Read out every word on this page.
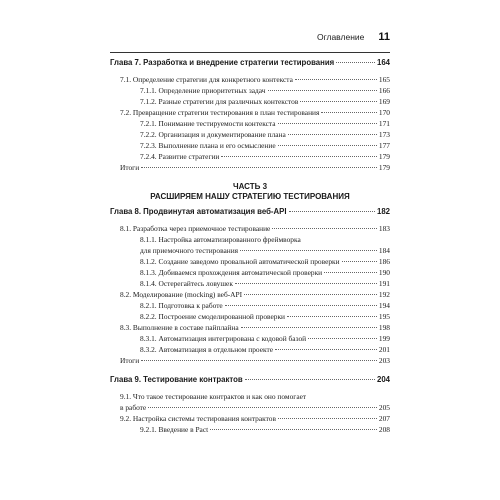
Оглавление 11
Глава 7. Разработка и внедрение стратегии тестирования	164
7.1. Определение стратегии для конкретного контекста	165
7.1.1. Определение приоритетных задач	166
7.1.2. Разные стратегии для различных контекстов	169
7.2. Превращение стратегии тестирования в план тестирования	170
7.2.1. Понимание тестируемости контекста	171
7.2.2. Организация и документирование плана	173
7.2.3. Выполнение плана и его осмысление	177
7.2.4. Развитие стратегии	179
Итоги	179
ЧАСТЬ 3
РАСШИРЯЕМ НАШУ СТРАТЕГИЮ ТЕСТИРОВАНИЯ
Глава 8. Продвинутая автоматизация веб-API	182
8.1. Разработка через приемочное тестирование	183
8.1.1. Настройка автоматизированного фреймворка
для приемочного тестирования	184
8.1.2. Создание заведомо провальной автоматической проверки	186
8.1.3. Добиваемся прохождения автоматической проверки	190
8.1.4. Остерегайтесь ловушек	191
8.2. Моделирование (mocking) веб-API	192
8.2.1. Подготовка к работе	194
8.2.2. Построение смоделированной проверки	195
8.3. Выполнение в составе пайплайна	198
8.3.1. Автоматизация интегрирована с кодовой базой	199
8.3.2. Автоматизация в отдельном проекте	201
Итоги	203
Глава 9. Тестирование контрактов	204
9.1. Что такое тестирование контрактов и как оно помогает
в работе	205
9.2. Настройка системы тестирования контрактов	207
9.2.1. Введение в Pact	208
